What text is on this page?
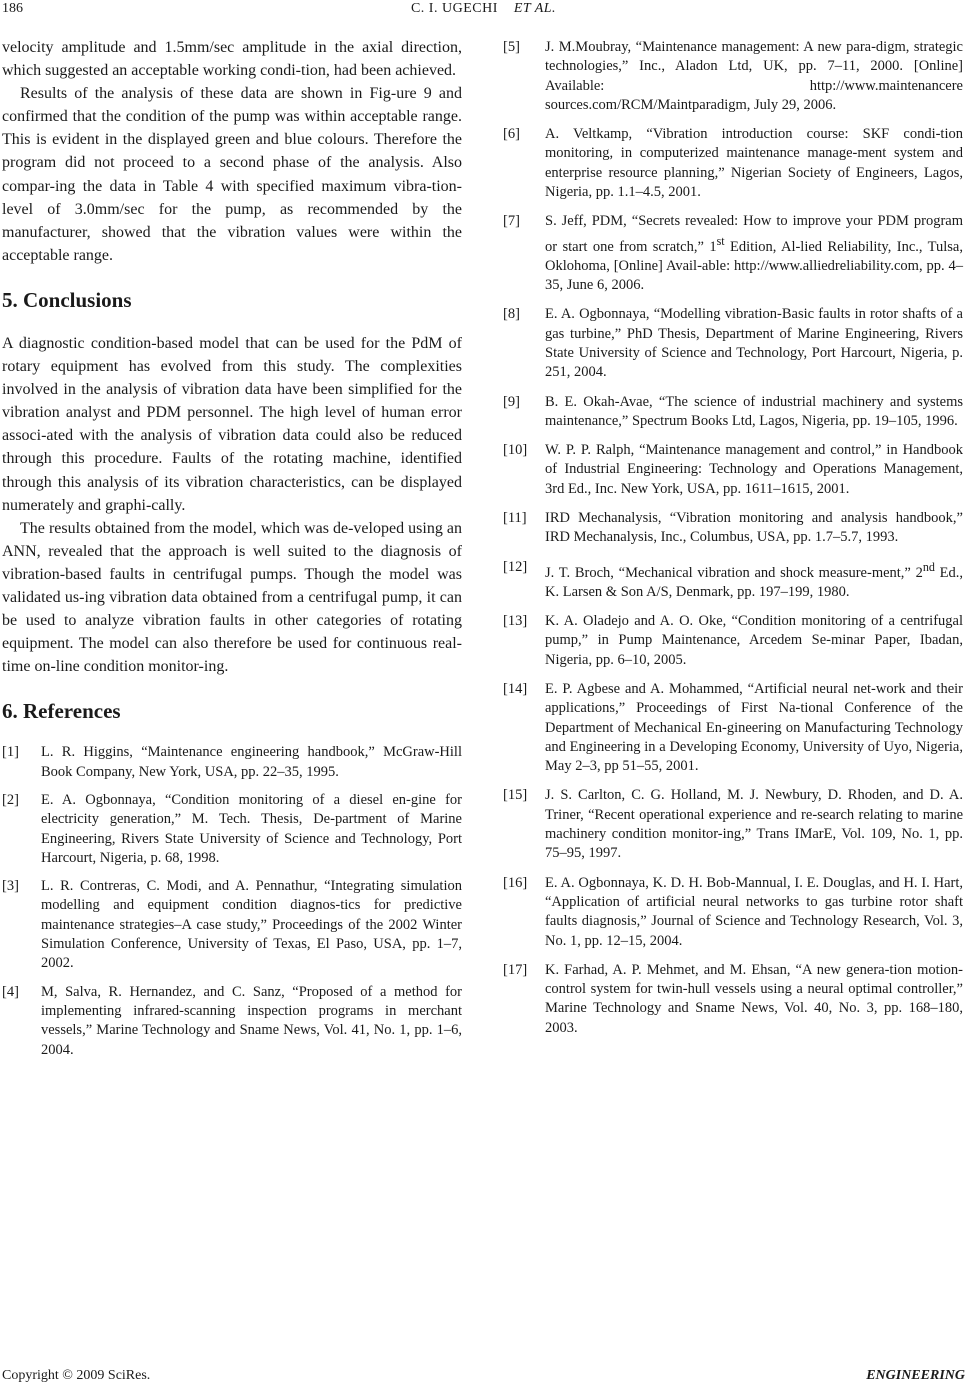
186	C. I. UGECHI ET AL.

velocity amplitude and 1.5mm/sec amplitude in the axial direction, which suggested an acceptable working condi-tion, had been achieved.

Results of the analysis of these data are shown in Fig-ure 9 and confirmed that the condition of the pump was within acceptable range. This is evident in the displayed green and blue colours. Therefore the program did not proceed to a second phase of the analysis. Also compar-ing the data in Table 4 with specified maximum vibra-tion-level of 3.0mm/sec for the pump, as recommended by the manufacturer, showed that the vibration values were within the acceptable range.

5. Conclusions

A diagnostic condition-based model that can be used for the PdM of rotary equipment has evolved from this study. The complexities involved in the analysis of vibration data have been simplified for the vibration analyst and PDM personnel. The high level of human error associ-ated with the analysis of vibration data could also be reduced through this procedure. Faults of the rotating machine, identified through this analysis of its vibration characteristics, can be displayed numerately and graphi-cally.

The results obtained from the model, which was de-veloped using an ANN, revealed that the approach is well suited to the diagnosis of vibration-based faults in centrifugal pumps. Though the model was validated us-ing vibration data obtained from a centrifugal pump, it can be used to analyze vibration faults in other categories of rotating equipment. The model can also therefore be used for continuous real-time on-line condition monitor-ing.

6. References

[1] L. R. Higgins, “Maintenance engineering handbook,” McGraw-Hill Book Company, New York, USA, pp. 22–35, 1995.

[2] E. A. Ogbonnaya, “Condition monitoring of a diesel en-gine for electricity generation,” M. Tech. Thesis, De-partment of Marine Engineering, Rivers State University of Science and Technology, Port Harcourt, Nigeria, p. 68, 1998.

[3] L. R. Contreras, C. Modi, and A. Pennathur, “Integrating simulation modelling and equipment condition diagnos-tics for predictive maintenance strategies–A case study,” Proceedings of the 2002 Winter Simulation Conference, University of Texas, El Paso, USA, pp. 1–7, 2002.

[4] M, Salva, R. Hernandez, and C. Sanz, “Proposed of a method for implementing infrared-scanning inspection programs in merchant vessels,” Marine Technology and Sname News, Vol. 41, No. 1, pp. 1–6, 2004.

[5] J. M.Moubray, “Maintenance management: A new para-digm, strategic technologies,” Inc., Aladon Ltd, UK, pp. 7–11, 2000. [Online] Available: http://www.maintenancere sources.com/RCM/Maintparadigm, July 29, 2006.

[6] A. Veltkamp, “Vibration introduction course: SKF condi-tion monitoring, in computerized maintenance manage-ment system and enterprise resource planning,” Nigerian Society of Engineers, Lagos, Nigeria, pp. 1.1–4.5, 2001.

[7] S. Jeff, PDM, “Secrets revealed: How to improve your PDM program or start one from scratch,” 1st Edition, Al-lied Reliability, Inc., Tulsa, Oklohoma, [Online] Avail-able: http://www.alliedreliability.com, pp. 4–35, June 6, 2006.

[8] E. A. Ogbonnaya, “Modelling vibration-Basic faults in rotor shafts of a gas turbine,” PhD Thesis, Department of Marine Engineering, Rivers State University of Science and Technology, Port Harcourt, Nigeria, p. 251, 2004.

[9] B. E. Okah-Avae, “The science of industrial machinery and systems maintenance,” Spectrum Books Ltd, Lagos, Nigeria, pp. 19–105, 1996.

[10] W. P. P. Ralph, “Maintenance management and control,” in Handbook of Industrial Engineering: Technology and Operations Management, 3rd Ed., Inc. New York, USA, pp. 1611–1615, 2001.

[11] IRD Mechanalysis, “Vibration monitoring and analysis handbook,” IRD Mechanalysis, Inc., Columbus, USA, pp. 1.7–5.7, 1993.

[12] J. T. Broch, “Mechanical vibration and shock measure-ment,” 2nd Ed., K. Larsen & Son A/S, Denmark, pp. 197–199, 1980.

[13] K. A. Oladejo and A. O. Oke, “Condition monitoring of a centrifugal pump,” in Pump Maintenance, Arcedem Se-minar Paper, Ibadan, Nigeria, pp. 6–10, 2005.

[14] E. P. Agbese and A. Mohammed, “Artificial neural net-work and their applications,” Proceedings of First Na-tional Conference of the Department of Mechanical En-gineering on Manufacturing Technology and Engineering in a Developing Economy, University of Uyo, Nigeria, May 2–3, pp 51–55, 2001.

[15] J. S. Carlton, C. G. Holland, M. J. Newbury, D. Rhoden, and D. A. Triner, “Recent operational experience and re-search relating to marine machinery condition monitor-ing,” Trans IMarE, Vol. 109, No. 1, pp. 75–95, 1997.

[16] E. A. Ogbonnaya, K. D. H. Bob-Mannual, I. E. Douglas, and H. I. Hart, “Application of artificial neural networks to gas turbine rotor shaft faults diagnosis,” Journal of Science and Technology Research, Vol. 3, No. 1, pp. 12–15, 2004.

[17] K. Farhad, A. P. Mehmet, and M. Ehsan, “A new genera-tion motion-control system for twin-hull vessels using a neural optimal controller,” Marine Technology and Sname News, Vol. 40, No. 3, pp. 168–180, 2003.

Copyright © 2009 SciRes.	ENGINEERING
